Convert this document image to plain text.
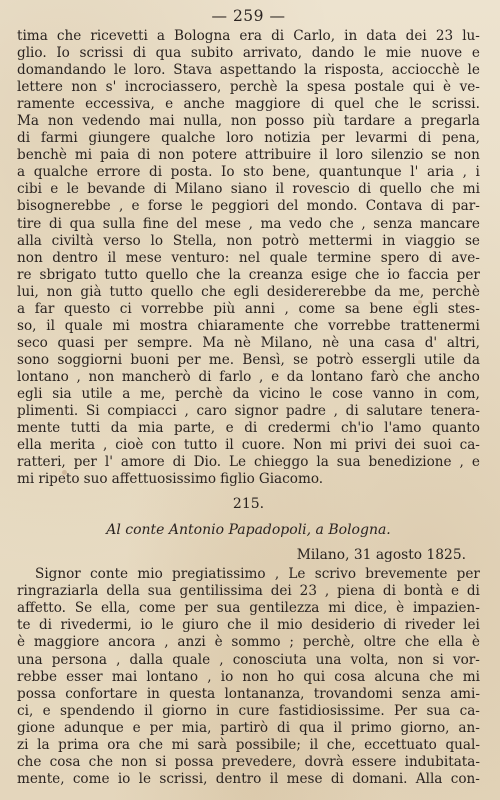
— 259 —
tima che ricevetti a Bologna era di Carlo, in data dei 23 lu-
glio. Io scrissi di qua subito arrivato, dando le mie nuove e
domandando le loro. Stava aspettando la risposta, acciocchè le
lettere non s' incrociassero, perchè la spesa postale qui è ve-
ramente eccessiva, e anche maggiore di quel che le scrissi.
Ma non vedendo mai nulla, non posso più tardare a pregarla
di farmi giungere qualche loro notizia per levarmi di pena,
benchè mi paia di non potere attribuire il loro silenzio se non
a qualche errore di posta. Io sto bene, quantunque l' aria , i
cibi e le bevande di Milano siano il rovescio di quello che mi
bisognerebbe , e forse le peggiori del mondo. Contava di par-
tire di qua sulla fine del mese , ma vedo che , senza mancare
alla civiltà verso lo Stella, non potrò mettermi in viaggio se
non dentro il mese venturo: nel quale termine spero di ave-
re sbrigato tutto quello che la creanza esige che io faccia per
lui, non già tutto quello che egli desidererebbe da me, perchè
a far questo ci vorrebbe più anni , come sa bene egli stes-
so, il quale mi mostra chiaramente che vorrebbe trattenermi
seco quasi per sempre. Ma nè Milano, nè una casa d' altri,
sono soggiorni buoni per me. Bensì, se potrò essergli utile da
lontano , non mancherò di farlo , e da lontano farò che ancho
egli sia utile a me, perchè da vicino le cose vanno in com,
plimenti. Si compiacci , caro signor padre , di salutare tenera-
mente tutti da mia parte, e di credermi ch'io l'amo quanto
ella merita , cioè con tutto il cuore. Non mi privi dei suoi ca-
ratteri, per l' amore di Dio. Le chieggo la sua benedizione , e
mi ripeto suo affettuosissimo figlio Giacomo.
215.
Al conte Antonio Papadopoli, a Bologna.
Milano, 31 agosto 1825.
Signor conte mio pregiatissimo , Le scrivo brevemente per
ringraziarla della sua gentilissima dei 23 , piena di bontà e di
affetto. Se ella, come per sua gentilezza mi dice, è impazien-
te di rivedermi, io le giuro che il mio desiderio di riveder lei
è maggiore ancora , anzi è sommo ; perchè, oltre che ella è
una persona , dalla quale , conosciuta una volta, non si vor-
rebbe esser mai lontano , io non ho qui cosa alcuna che mi
possa confortare in questa lontananza, trovandomi senza ami-
ci, e spendendo il giorno in cure fastidiosissime. Per sua ca-
gione adunque e per mia, partirò di qua il primo giorno, an-
zi la prima ora che mi sarà possibile; il che, eccettuato qual-
che cosa che non si possa prevedere, dovrà essere indubitata-
mente, come io le scrissi, dentro il mese di domani. Alla con-
